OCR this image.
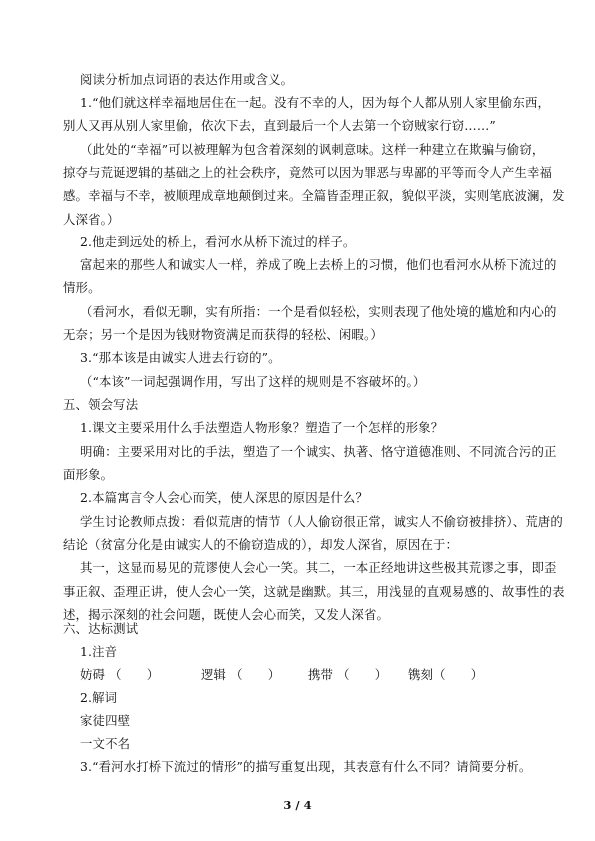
阅读分析加点词语的表达作用或含义。
1.“他们就这样幸福地居住在一起。没有不幸的人，因为每个人都从别人家里偷东西，
别人又再从别人家里偷，依次下去，直到最后一个人去第一个窃贼家行窃……”
（此处的“幸福”可以被理解为包含着深刻的讽刺意味。这样一种建立在欺骗与偷窃，
掠夺与荒诞逻辑的基础之上的社会秩序，竟然可以因为罪恶与卑鄙的平等而令人产生幸福
感。幸福与不幸，被顺理成章地颠倒过来。全篇皆歪理正叙，貌似平淡，实则笔底波澜，发
人深省。）
2.他走到远处的桥上，看河水从桥下流过的样子。
富起来的那些人和诚实人一样，养成了晚上去桥上的习惯，他们也看河水从桥下流过的
情形。
（看河水，看似无聊，实有所指：一个是看似轻松，实则表现了他处境的尴尬和内心的
无奈；另一个是因为钱财物资满足而获得的轻松、闲暇。）
3.“那本该是由诚实人进去行窃的”。
（“本该”一词起强调作用，写出了这样的规则是不容破坏的。）
五、领会写法
1.课文主要采用什么手法塑造人物形象？塑造了一个怎样的形象？
明确：主要采用对比的手法，塑造了一个诚实、执著、恪守道德准则、不同流合污的正
面形象。
2.本篇寓言令人会心而笑，使人深思的原因是什么？
学生讨论教师点拨：看似荒唐的情节（人人偷窃很正常，诚实人不偷窃被排挤）、荒唐的
结论（贫富分化是由诚实人的不偷窃造成的），却发人深省，原因在于：
其一，这显而易见的荒谬使人会心一笑。其二，一本正经地讲这些极其荒谬之事，即歪
事正叙、歪理正讲，使人会心一笑，这就是幽默。其三，用浅显的直观易感的、故事性的表
述，揭示深刻的社会问题，既使人会心而笑，又发人深省。
六、达标测试
1.注音
妨碍 （　　）	逻辑 （　　） 携带 （　　） 镌刻（　　）
2.解词
家徒四壁
一文不名
3.“看河水打桥下流过的情形”的描写重复出现，其表意有什么不同？请简要分析。
3 / 4
